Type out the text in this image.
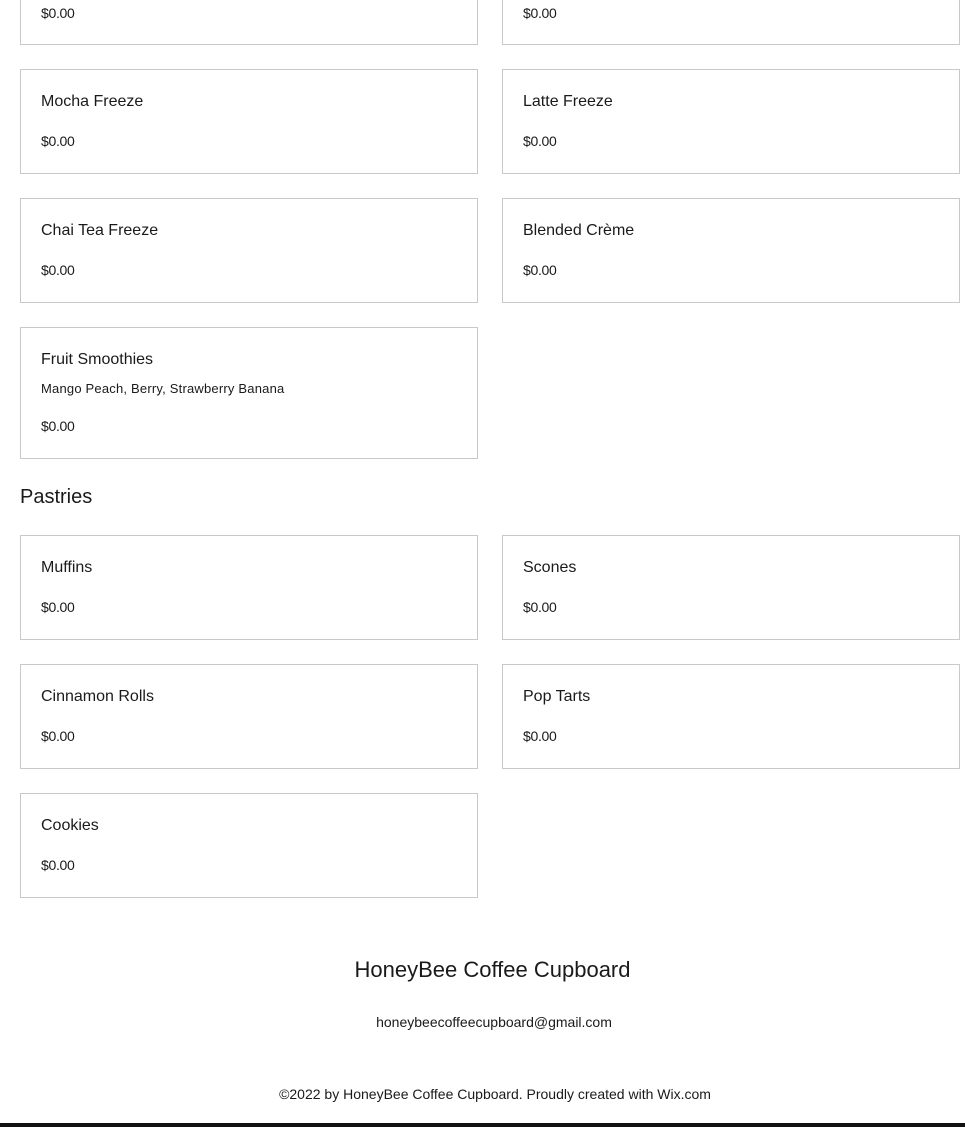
$0.00	$0.00
Mocha Freeze
$0.00
Latte Freeze
$0.00
Chai Tea Freeze
$0.00
Blended Crème
$0.00
Fruit Smoothies
Mango Peach, Berry, Strawberry Banana
$0.00
Pastries
Muffins
$0.00
Scones
$0.00
Cinnamon Rolls
$0.00
Pop Tarts
$0.00
Cookies
$0.00
HoneyBee Coffee Cupboard
honeybeecoffeecupboard@gmail.com
©2022 by HoneyBee Coffee Cupboard. Proudly created with Wix.com
